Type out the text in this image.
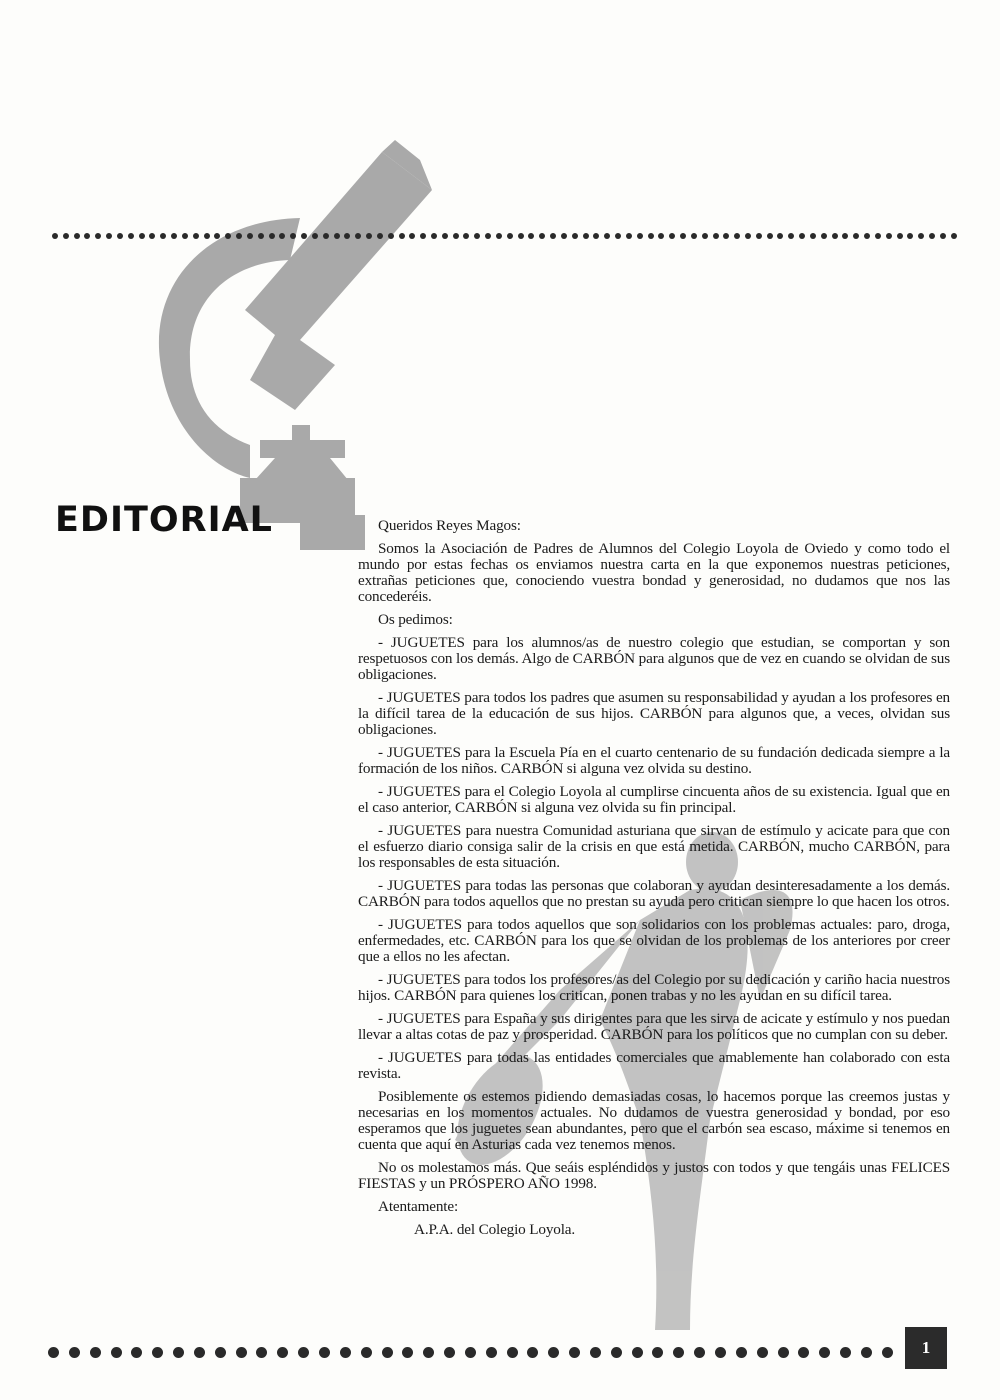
EDITORIAL	Queridos Reyes Magos:

Somos la Asociación de Padres de Alumnos del Colegio Loyola de Oviedo y como todo el mundo por estas fechas os enviamos nuestra carta en la que exponemos nuestras peticiones, extrañas peticiones que, conociendo vuestra bondad y generosidad, no dudamos que nos las concederéis.

Os pedimos:

- JUGUETES para los alumnos/as de nuestro colegio que estudian, se comportan y son respetuosos con los demás. Algo de CARBÓN para algunos que de vez en cuando se olvidan de sus obligaciones.

- JUGUETES para todos los padres que asumen su responsabilidad y ayudan a los profesores en la difícil tarea de la educación de sus hijos. CARBÓN para algunos que, a veces, olvidan sus obligaciones.

- JUGUETES para la Escuela Pía en el cuarto centenario de su fundación dedicada siempre a la formación de los niños. CARBÓN si alguna vez olvida su destino.

- JUGUETES para el Colegio Loyola al cumplirse cincuenta años de su existencia. Igual que en el caso anterior, CARBÓN si alguna vez olvida su fin principal.

- JUGUETES para nuestra Comunidad asturiana que sirvan de estímulo y acicate para que con el esfuerzo diario consiga salir de la crisis en que está metida. CARBÓN, mucho CARBÓN, para los responsables de esta situación.

- JUGUETES para todas las personas que colaboran y ayudan desinteresadamente a los demás. CARBÓN para todos aquellos que no prestan su ayuda pero critican siempre lo que hacen los otros.

- JUGUETES para todos aquellos que son solidarios con los problemas actuales: paro, droga, enfermedades, etc. CARBÓN para los que se olvidan de los problemas de los anteriores por creer que a ellos no les afectan.

- JUGUETES para todos los profesores/as del Colegio por su dedicación y cariño hacia nuestros hijos. CARBÓN para quienes los critican, ponen trabas y no les ayudan en su difícil tarea.

- JUGUETES para España y sus dirigentes para que les sirva de acicate y estímulo y nos puedan llevar a altas cotas de paz y prosperidad. CARBÓN para los políticos que no cumplan con su deber.

- JUGUETES para todas las entidades comerciales que amablemente han colaborado con esta revista.

Posiblemente os estemos pidiendo demasiadas cosas, lo hacemos porque las creemos justas y necesarias en los momentos actuales. No dudamos de vuestra generosidad y bondad, por eso esperamos que los juguetes sean abundantes, pero que el carbón sea escaso, máxime si tenemos en cuenta que aquí en Asturias cada vez tenemos menos.

No os molestamos más. Que seáis espléndidos y justos con todos y que tengáis unas FELICES FIESTAS y un PRÓSPERO AÑO 1998.

Atentamente:

A.P.A. del Colegio Loyola.

1
